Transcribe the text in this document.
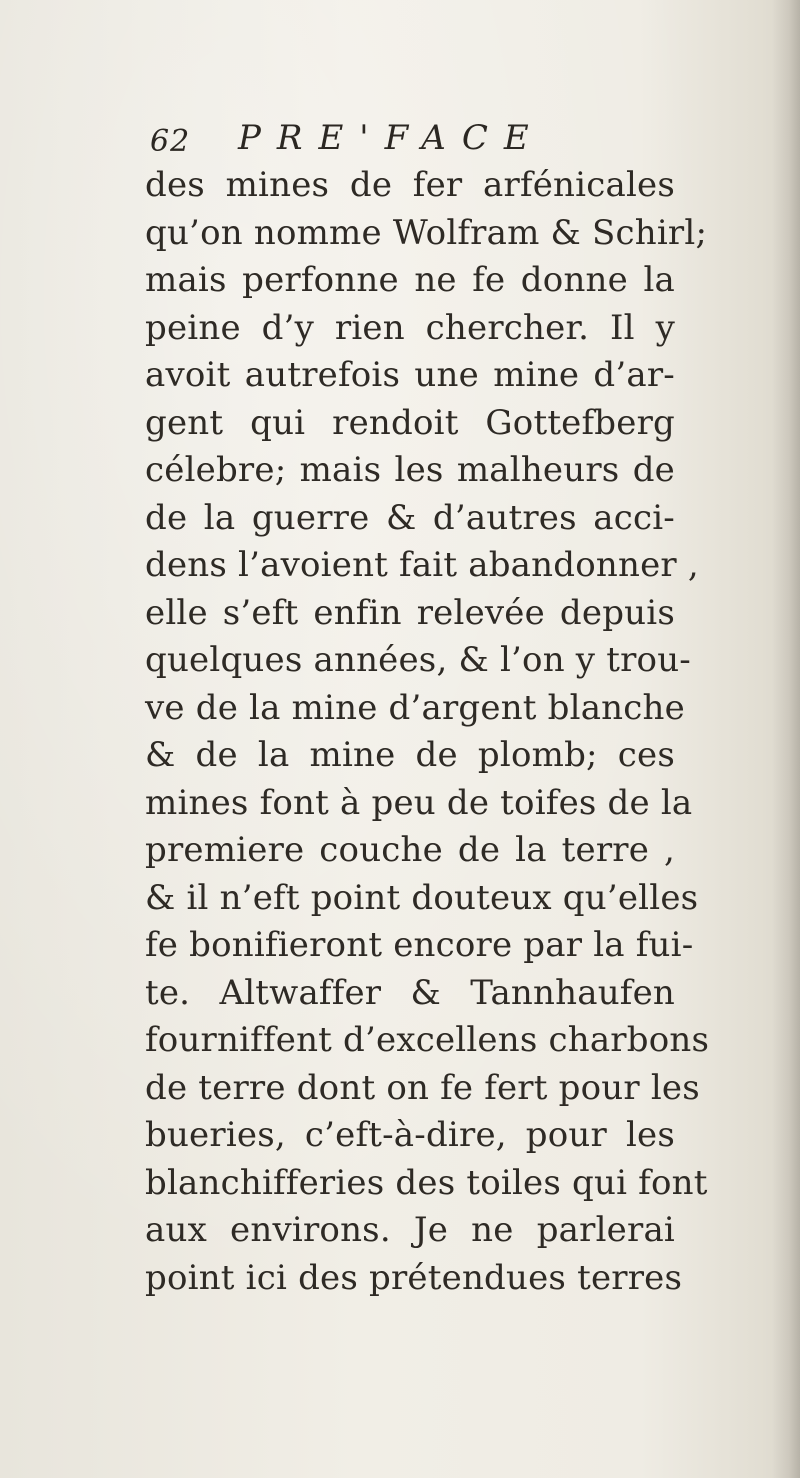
62 PRE'FACE
des mines de fer arfénicales
qu’on nomme Wolfram & Schirl;
mais perfonne ne fe donne la
peine d’y rien chercher. Il y
avoit autrefois une mine d’ar-
gent qui rendoit Gottefberg
célebre; mais les malheurs de
de la guerre & d’autres acci-
dens l’avoient fait abandonner ,
elle s’eft enfin relevée depuis
quelques années, & l’on y trou-
ve de la mine d’argent blanche
& de la mine de plomb; ces
mines font à peu de toifes de la
premiere couche de la terre ,
& il n’eft point douteux qu’elles
fe bonifieront encore par la fui-
te. Altwaffer & Tannhaufen
fourniffent d’excellens charbons
de terre dont on fe fert pour les
bueries, c’eft-à-dire, pour les
blanchifferies des toiles qui font
aux environs. Je ne parlerai
point ici des prétendues terres
